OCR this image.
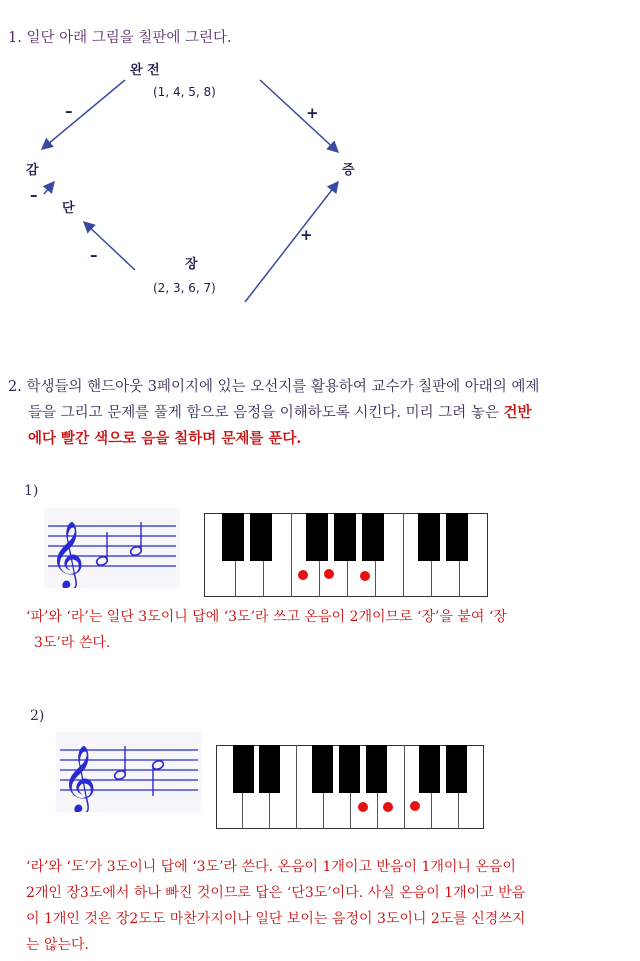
1. 일단 아래 그림을 칠판에 그린다.
완 전
(1, 4, 5, 8)
증
감
단
장
(2, 3, 6, 7)
–	+
–
–
+
2. 학생들의 핸드아웃 3페이지에 있는 오선지를 활용하여 교수가 칠판에 아래의 예제
들을 그리고 문제를 풀게 함으로 음정을 이해하도록 시킨다. 미리 그려 놓은 건반
에다 빨간 색으로 음을 칠하며 문제를 푼다.
1)
𝄞
‘파’와 ‘라’는 일단 3도이니 답에 ‘3도’라 쓰고 온음이 2개이므로 ‘장’을 붙여 ‘장
3도’라 쓴다.
2)
𝄞
‘라’와 ‘도’가 3도이니 답에 ‘3도’라 쓴다. 온음이 1개이고 반음이 1개이니 온음이
2개인 장3도에서 하나 빠진 것이므로 답은 ‘단3도’이다. 사실 온음이 1개이고 반음
이 1개인 것은 장2도도 마찬가지이나 일단 보이는 음정이 3도이니 2도를 신경쓰지
는 않는다.
